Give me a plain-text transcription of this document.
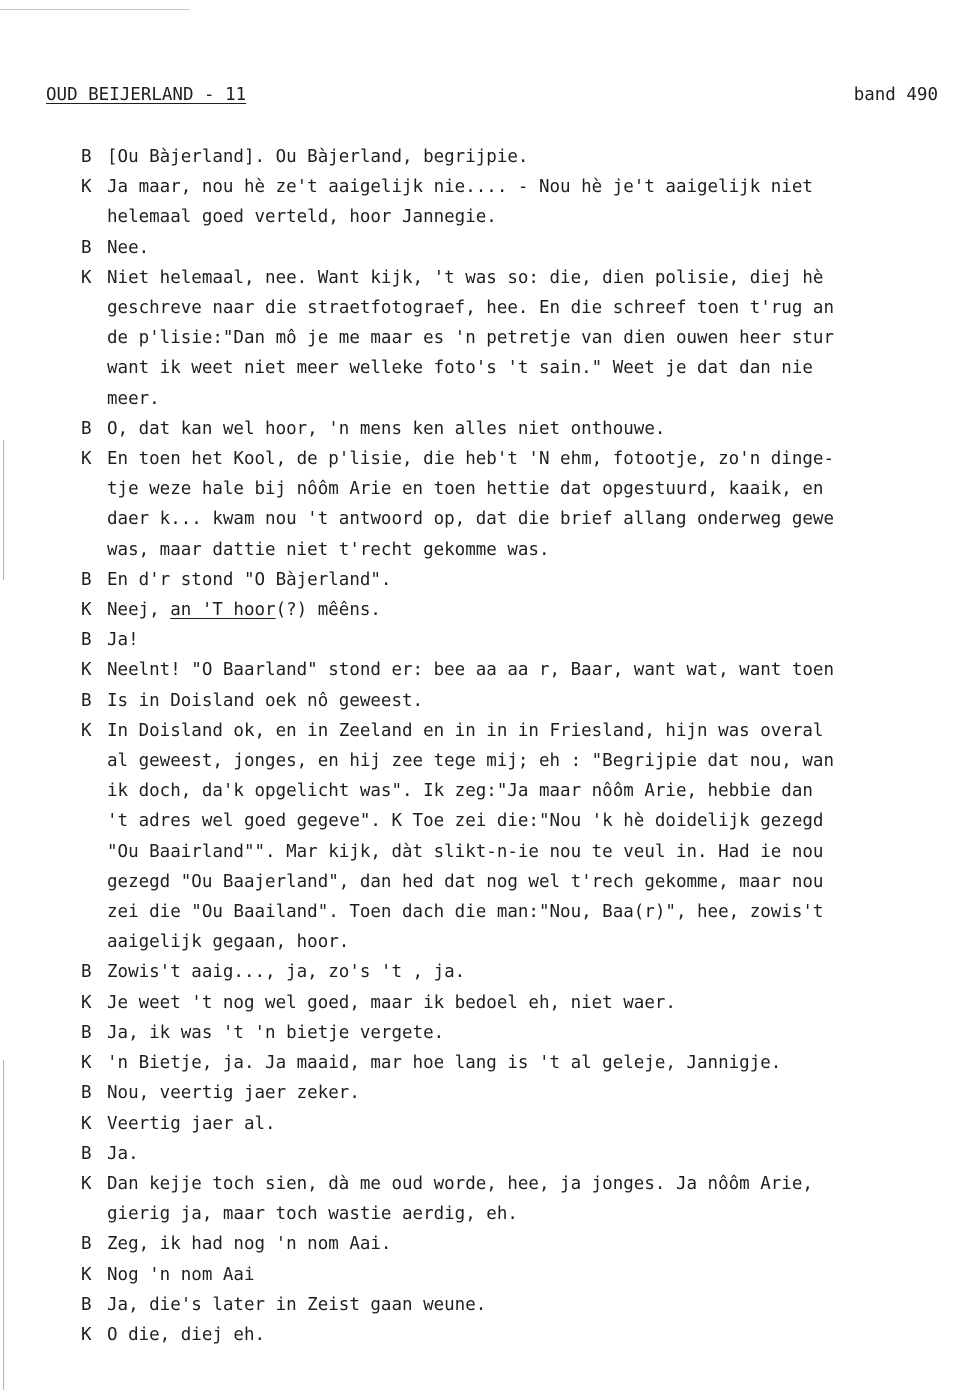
OUD BEIJERLAND - 11	band 490
B [Ou Bàjerland]. Ou Bàjerland, begrijpie.
K Ja maar, nou hè ze't aaigelijk nie.... - Nou hè je't aaigelijk niet
helemaal goed verteld, hoor Jannegie.
B Nee.
K Niet helemaal, nee. Want kijk, 't was so: die, dien polisie, diej hè
geschreve naar die straetfotograef, hee. En die schreef toen t'rug an
de p'lisie:"Dan mô je me maar es 'n petretje van dien ouwen heer stur
want ik weet niet meer welleke foto's 't sain." Weet je dat dan nie
meer.
B O, dat kan wel hoor, 'n mens ken alles niet onthouwe.
K En toen het Kool, de p'lisie, die heb't 'N ehm, fotootje, zo'n dinge-
tje weze hale bij nôôm Arie en toen hettie dat opgestuurd, kaaik, en
daer k... kwam nou 't antwoord op, dat die brief allang onderweg gewe
was, maar dattie niet t'recht gekomme was.
B En d'r stond "O Bàjerland".
K Neej, an 'T hoor(?) mêêns.
B Ja!
K Neelnt! "O Baarland" stond er: bee aa aa r, Baar, want wat, want toen
B Is in Doisland oek nô geweest.
K In Doisland ok, en in Zeeland en in in in Friesland, hijn was overal
al geweest, jonges, en hij zee tege mij; eh : "Begrijpie dat nou, wan
ik doch, da'k opgelicht was". Ik zeg:"Ja maar nôôm Arie, hebbie dan
't adres wel goed gegeve". K Toe zei die:"Nou 'k hè doidelijk gezegd
"Ou Baairland"". Mar kijk, dàt slikt-n-ie nou te veul in. Had ie nou
gezegd "Ou Baajerland", dan hed dat nog wel t'rech gekomme, maar nou
zei die "Ou Baailand". Toen dach die man:"Nou, Baa(r)", hee, zowis't
aaigelijk gegaan, hoor.
B Zowis't aaig..., ja, zo's 't , ja.
K Je weet 't nog wel goed, maar ik bedoel eh, niet waer.
B Ja, ik was 't 'n bietje vergete.
K 'n Bietje, ja. Ja maaid, mar hoe lang is 't al geleje, Jannigje.
B Nou, veertig jaer zeker.
K Veertig jaer al.
B Ja.
K Dan kejje toch sien, dà me oud worde, hee, ja jonges. Ja nôôm Arie,
gierig ja, maar toch wastie aerdig, eh.
B Zeg, ik had nog 'n nom Aai.
K Nog 'n nom Aai
B Ja, die's later in Zeist gaan weune.
K O die, diej eh.
